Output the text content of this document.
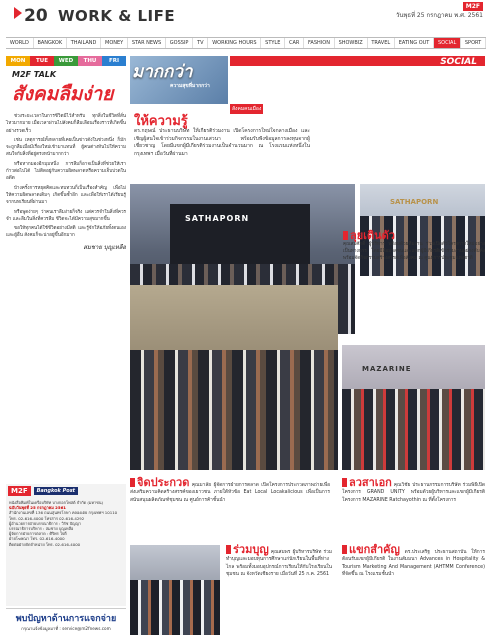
20 WORK & LIFE
M2F
วันพุธที่ 25 กรกฎาคม พ.ศ. 2561
WORLD	BANGKOK	THAILAND	MONEY	STAR NEWS	GOSSIP	TV	WORKING HOURS	STYLE	CAR	FASHION	SHOWBIZ	TRAVEL	EATING OUT	SOCIAL	SPORT
MON	TUE	WED	THU	FRI
M2F TALK
สังคมลืมง่าย

ช่วงระยะเวลาในการชีวิตมีไว้สำหรับ ทุกสิ่งในชีวิตที่สั่นไหวมากมาย เมื่อเวลาผ่านไปสังคมก็ลืมเลือนเรื่องราวที่เกิดขึ้นอย่างรวดเร็ว

เช่น เหตุการณ์ทั้งหลายที่เคยเป็นข่าวดังในช่วงหนึ่ง ก็มักจะถูกลืมเมื่อมีเรื่องใหม่เข้ามาแทนที่ ผู้คนต่างหันไปให้ความสนใจกับสิ่งที่อยู่ตรงหน้ามากกว่า

หรือหากมองอีกมุมหนึ่ง การลืมก็อาจเป็นสิ่งที่ช่วยให้เราก้าวต่อไปได้ ไม่ติดอยู่กับความผิดพลาดหรือความเจ็บปวดในอดีต

บ้างครั้งการหยุดคิดและทบทวนก็เป็นเรื่องสำคัญ เพื่อไม่ให้ความผิดพลาดเดิมๆ เกิดขึ้นซ้ำอีก และเพื่อให้เราได้เรียนรู้จากบทเรียนที่ผ่านมา

หรือพูดง่ายๆ ว่าคนเราลืมง่ายก็จริง แต่ควรจำในสิ่งที่ควรจำ และลืมในสิ่งที่ควรลืม ชีวิตจะได้มีความสุขมากขึ้น

ขอให้ทุกคนได้ใช้ชีวิตอย่างมีสติ และรู้จักให้อภัยทั้งตนเองและผู้อื่น สังคมก็จะน่าอยู่ขึ้นอีกมาก

สมชาย บุญเหลือ
M2F	Bangkok Post
หนังสือพิมพ์ในเครือบริษัท บางกอกโพสต์ จำกัด (มหาชน)
ฉบับวันพุธที่ 25 กรกฎาคม 2561
สำนักงานเลขที่ 136 ถนนสุนทรโกษา คลองเตย กรุงเทพฯ 10110
โทร. 02-616-4000 โทรสาร 02-616-4292
ผู้อำนวยการฝ่ายบรรณาธิการ : วิรัช ปัญญา
บรรณาธิการบริหาร : สมชาย บุญเหลือ
ผู้จัดการฝ่ายการตลาด : ศิริพร ใจดี
ฝ่ายโฆษณา โทร. 02-616-4000
ติดต่อฝ่ายจัดจำหน่าย โทร. 02-616-4000
พบปัญหาด้านการแจกจ่าย
กรุณาแจ้งข้อมูลมาที่ : service@m2fnews.com
มากกว่า
ความสุขที่มากกว่า
SOCIAL
สังคมคนเมือง
ให้ความรู้
ดร.กฤษณ์ ประธานบริษัท ให้เกียรติร่วมงาน เปิดโครงการใหม่ใจกลางเมือง และเชิญผู้สนใจเข้าร่วมกิจกรรมในงานเสวนา พร้อมรับฟังข้อมูลการลงทุนจากผู้เชี่ยวชาญ โดยมีแขกผู้มีเกียรติร่วมงานเป็นจำนวนมาก ณ โรงแรมแห่งหนึ่งในกรุงเทพฯ เมื่อวันที่ผ่านมา
SATHAPORN
SATHAPORN
ลุยเดินดัว
คุณสมศักดิ์ ผู้บริหาร พร้อมด้วยทีมงาน ร่วมเปิดตัวโครงการใหม่อย่างเป็นทางการ โดยมีสื่อมวลชนและแขกผู้มีเกียรติเข้าร่วมงานอย่างคับคั่ง พร้อมจัดกิจกรรมสร้างสรรค์เพื่อสังคม ณ ศูนย์การประชุมแห่งชาติ
MAZARINE
จิดประกวด คุณมาลัย ผู้จัดการฝ่ายการตลาด เปิดโครงการประกวดภาพถ่ายเพื่อส่งเสริมความคิดสร้างสรรค์ของเยาวชน ภายใต้หัวข้อ Eat Local Locakalicious เพื่อเป็นการสนับสนุนผลิตภัณฑ์ชุมชน ณ ศูนย์การค้าชั้นนำ
ลวสาเอก คุณวิชัย ประธานกรรมการบริษัท ร่วมพิธีเปิดโครงการ GRAND UNITY พร้อมด้วยผู้บริหารและแขกผู้มีเกียรติ โครงการ MAZARINE Ratchayothin ณ ที่ตั้งโครงการ
ร่วมบุญ คุณสมพร ผู้บริหารบริษัท ร่วมทำบุญและมอบทุนการศึกษาแก่นักเรียนในพื้นที่ห่างไกล พร้อมทั้งมอบอุปกรณ์การเรียนให้กับโรงเรียนในชุมชน ณ จังหวัดเชียงราย เมื่อวันที่ 25 ก.ค. 2561
แขกสำคัญ ดร.ประเสริฐ ประธานสถาบัน ให้การต้อนรับแขกผู้มีเกียรติ ในงานสัมมนา Advances in Hospitality & Tourism Marketing And Management (AHTMM Conference) ที่จัดขึ้น ณ โรงแรมชั้นนำ
